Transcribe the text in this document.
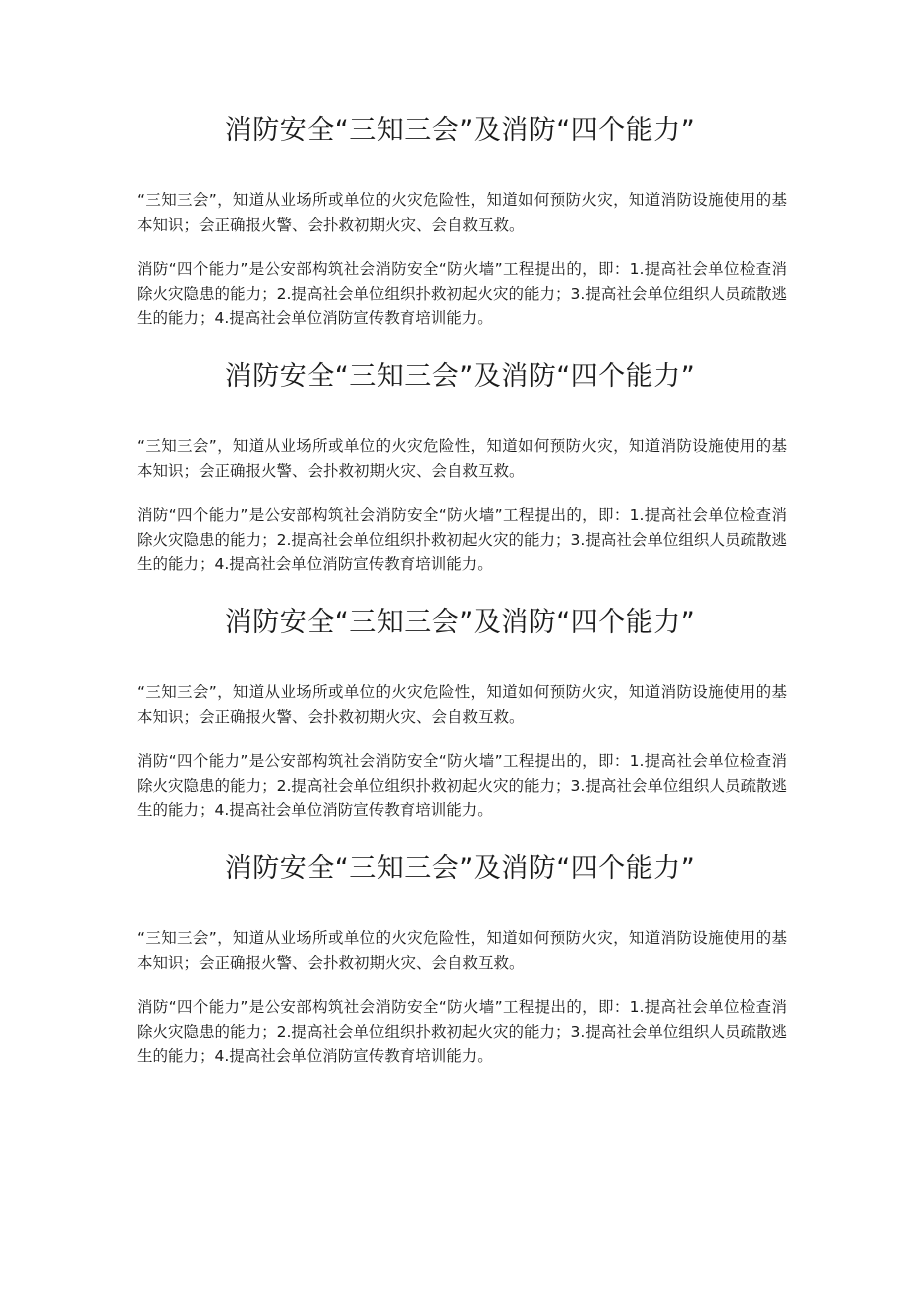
消防安全“三知三会”及消防“四个能力”

“三知三会”，知道从业场所或单位的火灾危险性，知道如何预防火灾，知道消防设施使用的基本知识；会正确报火警、会扑救初期火灾、会自救互救。

消防“四个能力”是公安部构筑社会消防安全“防火墙”工程提出的，即：1.提高社会单位检查消除火灾隐患的能力；2.提高社会单位组织扑救初起火灾的能力；3.提高社会单位组织人员疏散逃生的能力；4.提高社会单位消防宣传教育培训能力。

消防安全“三知三会”及消防“四个能力”

“三知三会”，知道从业场所或单位的火灾危险性，知道如何预防火灾，知道消防设施使用的基本知识；会正确报火警、会扑救初期火灾、会自救互救。

消防“四个能力”是公安部构筑社会消防安全“防火墙”工程提出的，即：1.提高社会单位检查消除火灾隐患的能力；2.提高社会单位组织扑救初起火灾的能力；3.提高社会单位组织人员疏散逃生的能力；4.提高社会单位消防宣传教育培训能力。

消防安全“三知三会”及消防“四个能力”

“三知三会”，知道从业场所或单位的火灾危险性，知道如何预防火灾，知道消防设施使用的基本知识；会正确报火警、会扑救初期火灾、会自救互救。

消防“四个能力”是公安部构筑社会消防安全“防火墙”工程提出的，即：1.提高社会单位检查消除火灾隐患的能力；2.提高社会单位组织扑救初起火灾的能力；3.提高社会单位组织人员疏散逃生的能力；4.提高社会单位消防宣传教育培训能力。

消防安全“三知三会”及消防“四个能力”

“三知三会”，知道从业场所或单位的火灾危险性，知道如何预防火灾，知道消防设施使用的基本知识；会正确报火警、会扑救初期火灾、会自救互救。

消防“四个能力”是公安部构筑社会消防安全“防火墙”工程提出的，即：1.提高社会单位检查消除火灾隐患的能力；2.提高社会单位组织扑救初起火灾的能力；3.提高社会单位组织人员疏散逃生的能力；4.提高社会单位消防宣传教育培训能力。
